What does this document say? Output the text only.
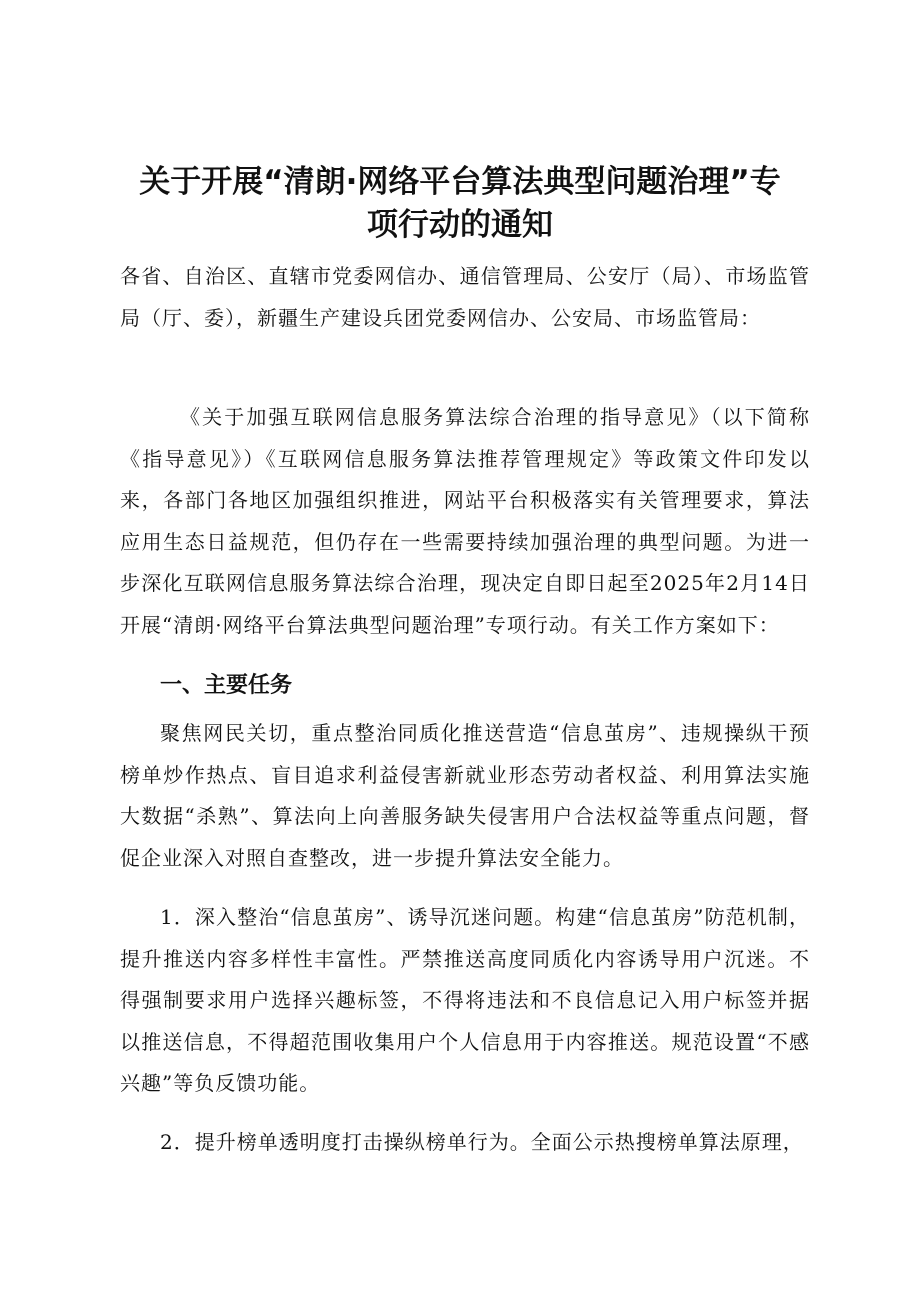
关于开展“清朗·网络平台算法典型问题治理”专
项行动的通知
各省、自治区、直辖市党委网信办、通信管理局、公安厅（局）、市场监管局（厅、委），新疆生产建设兵团党委网信办、公安局、市场监管局：
《关于加强互联网信息服务算法综合治理的指导意见》（以下简称《指导意见》）《互联网信息服务算法推荐管理规定》等政策文件印发以来，各部门各地区加强组织推进，网站平台积极落实有关管理要求，算法应用生态日益规范，但仍存在一些需要持续加强治理的典型问题。为进一步深化互联网信息服务算法综合治理，现决定自即日起至2025年2月14日开展“清朗·网络平台算法典型问题治理”专项行动。有关工作方案如下：
一、主要任务
聚焦网民关切，重点整治同质化推送营造“信息茧房”、违规操纵干预榜单炒作热点、盲目追求利益侵害新就业形态劳动者权益、利用算法实施大数据“杀熟”、算法向上向善服务缺失侵害用户合法权益等重点问题，督促企业深入对照自查整改，进一步提升算法安全能力。
1．深入整治“信息茧房”、诱导沉迷问题。构建“信息茧房”防范机制，提升推送内容多样性丰富性。严禁推送高度同质化内容诱导用户沉迷。不得强制要求用户选择兴趣标签，不得将违法和不良信息记入用户标签并据以推送信息，不得超范围收集用户个人信息用于内容推送。规范设置“不感兴趣”等负反馈功能。
2．提升榜单透明度打击操纵榜单行为。全面公示热搜榜单算法原理，
